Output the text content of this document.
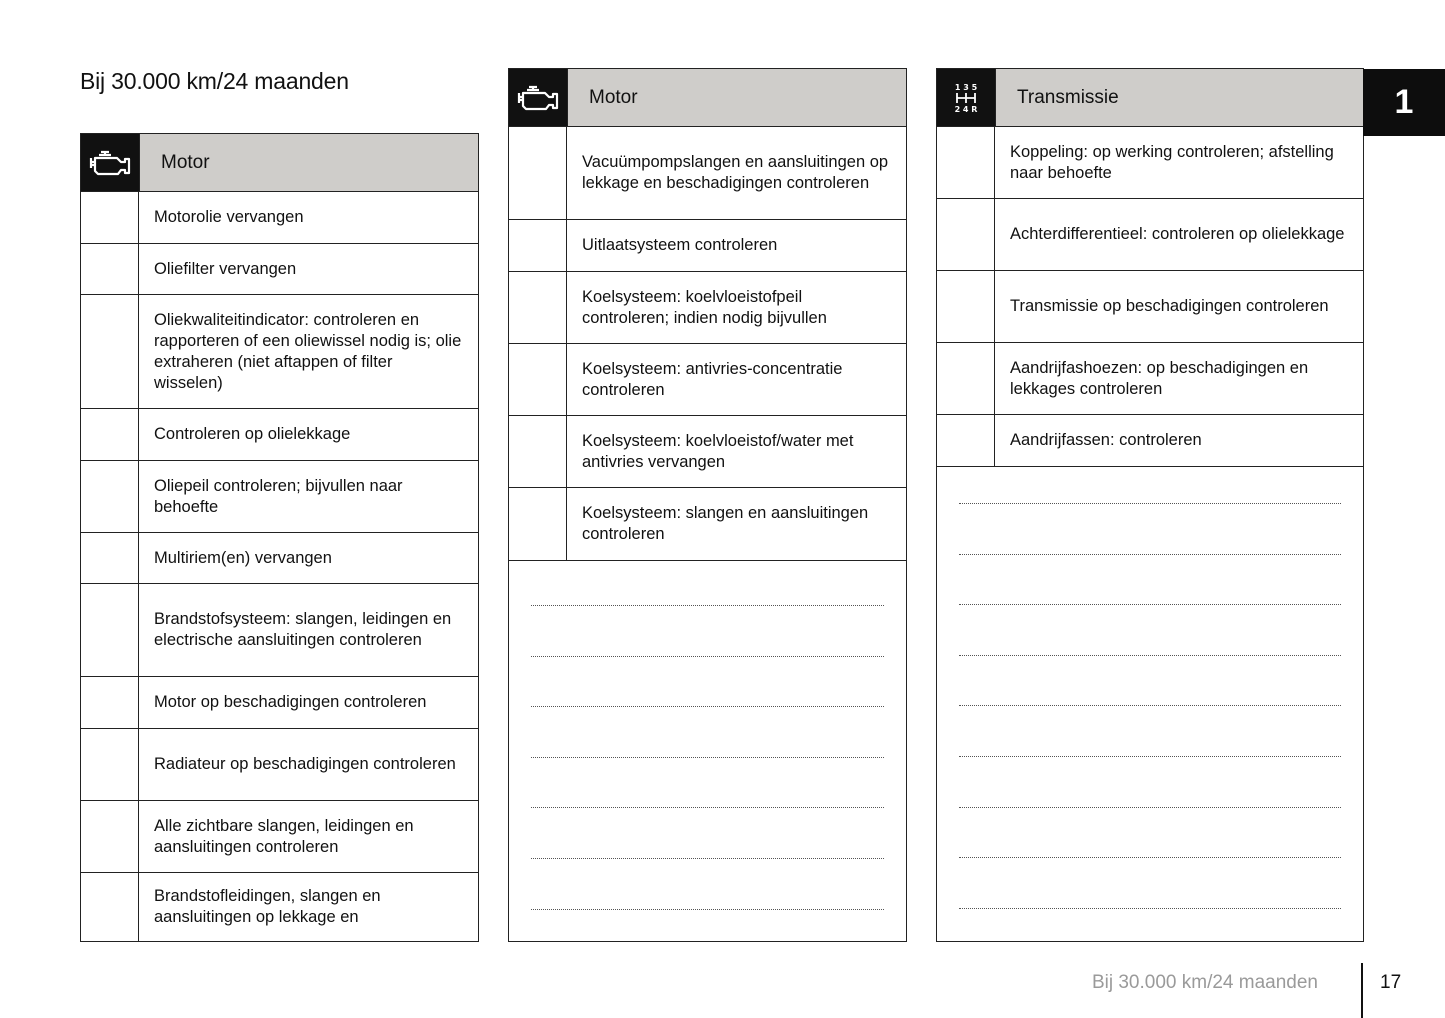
Bij 30.000 km/24 maanden
Motor
Motorolie vervangen
Oliefilter vervangen
Oliekwaliteitindicator: controleren en rapporteren of een oliewissel nodig is; olie extraheren (niet aftappen of filter wisselen)
Controleren op olielekkage
Oliepeil controleren; bijvullen naar behoefte
Multiriem(en) vervangen
Brandstofsysteem: slangen, leidingen en electrische aansluitingen controleren
Motor op beschadigingen controleren
Radiateur op beschadigingen controleren
Alle zichtbare slangen, leidingen en aansluitingen controleren
Brandstofleidingen, slangen en aansluitingen op lekkage en
Motor
Vacuümpompslangen en aansluitingen op lekkage en beschadigingen controleren
Uitlaatsysteem controleren
Koelsysteem: koelvloeistofpeil controleren; indien nodig bijvullen
Koelsysteem: antivries-concentratie controleren
Koelsysteem: koelvloeistof/water met antivries vervangen
Koelsysteem: slangen en aansluitingen controleren
1 3 5
2 4 R
Transmissie
Koppeling: op werking controleren; afstelling naar behoefte
Achterdifferentieel: controleren op olielekkage
Transmissie op beschadigingen controleren
Aandrijfashoezen: op beschadigingen en lekkages controleren
Aandrijfassen: controleren
1
Bij 30.000 km/24 maanden	17
